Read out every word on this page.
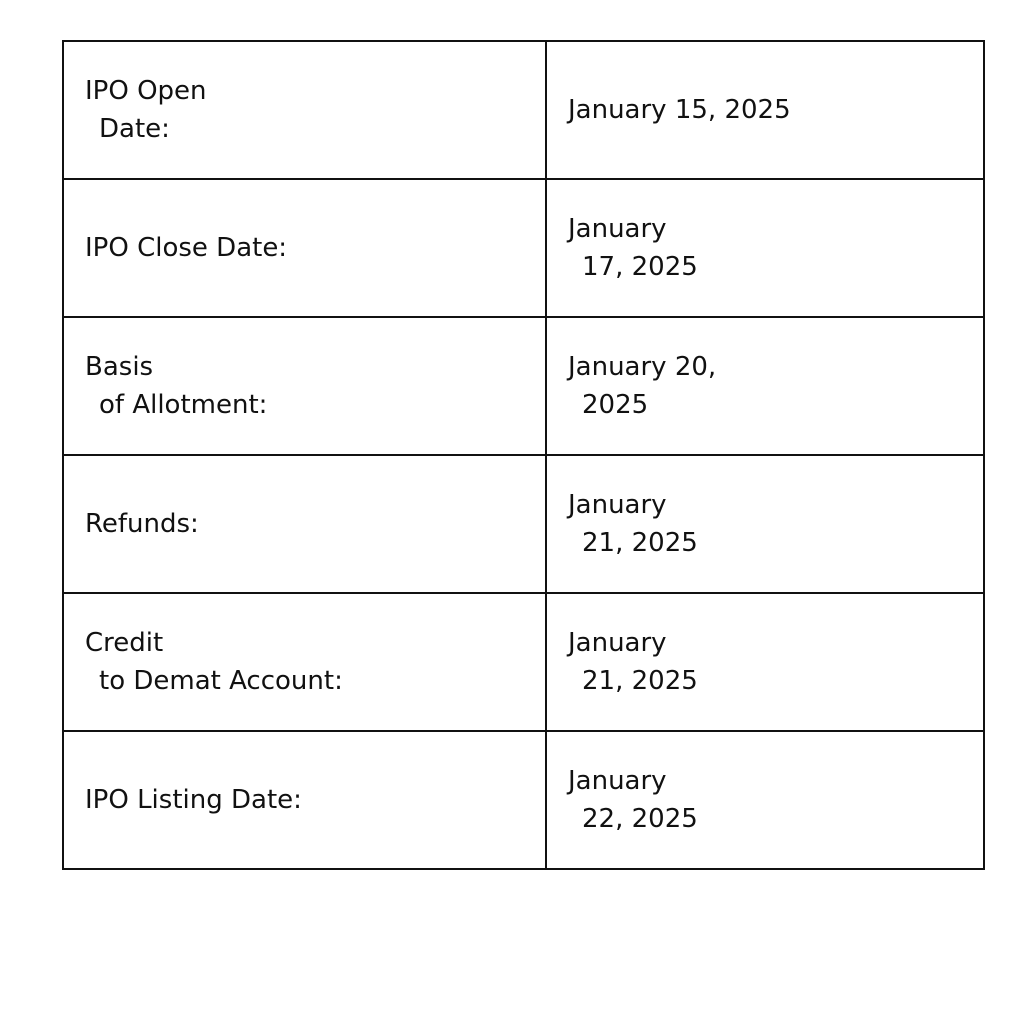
IPO Open
Date:	January 15, 2025

IPO Close Date:	January
17, 2025

Basis
of Allotment:	January 20,
2025

Refunds:	January
21, 2025

Credit
to Demat Account:	January
21, 2025

IPO Listing Date:	January
22, 2025
